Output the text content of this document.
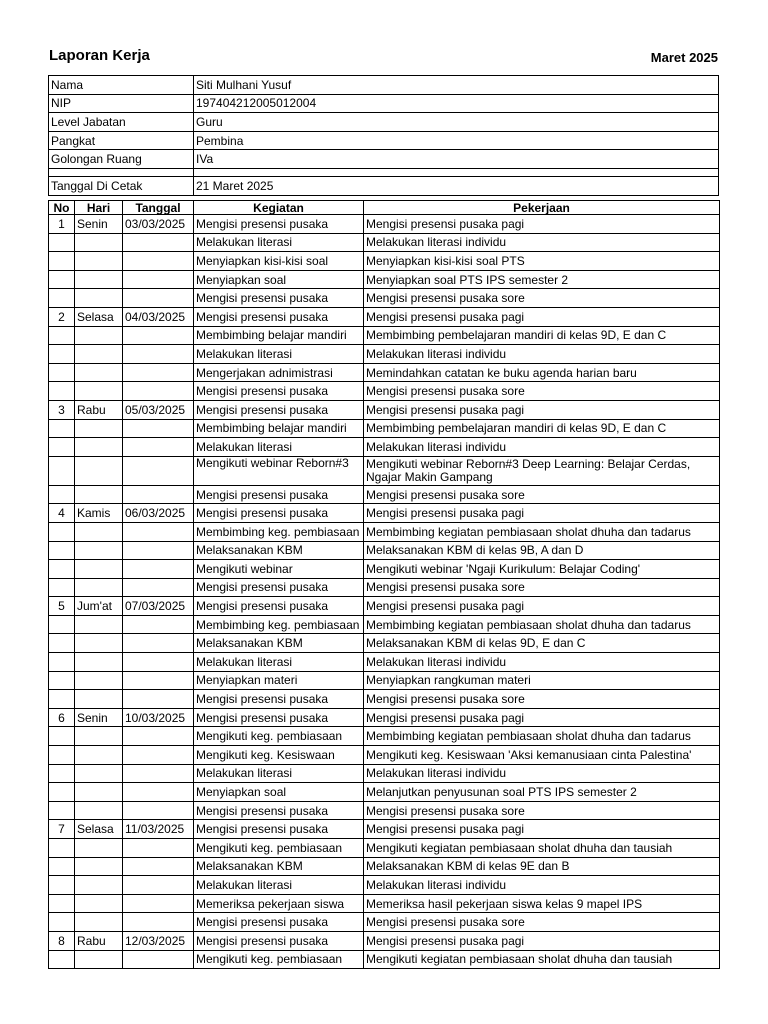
Laporan Kerja	Maret 2025
Nama	Siti Mulhani Yusuf
NIP	197404212005012004
Level Jabatan	Guru
Pangkat	Pembina
Golongan Ruang	IVa

Tanggal Di Cetak	21 Maret 2025
No	Hari	Tanggal	Kegiatan	Pekerjaan
1	Senin	03/03/2025	Mengisi presensi pusaka	Mengisi presensi pusaka pagi
			Melakukan literasi	Melakukan literasi individu
			Menyiapkan kisi-kisi soal	Menyiapkan kisi-kisi soal PTS
			Menyiapkan soal	Menyiapkan soal PTS IPS semester 2
			Mengisi presensi pusaka	Mengisi presensi pusaka sore
2	Selasa	04/03/2025	Mengisi presensi pusaka	Mengisi presensi pusaka pagi
			Membimbing belajar mandiri	Membimbing pembelajaran mandiri di kelas 9D, E dan C
			Melakukan literasi	Melakukan literasi individu
			Mengerjakan adnimistrasi	Memindahkan catatan ke buku agenda harian baru
			Mengisi presensi pusaka	Mengisi presensi pusaka sore
3	Rabu	05/03/2025	Mengisi presensi pusaka	Mengisi presensi pusaka pagi
			Membimbing belajar mandiri	Membimbing pembelajaran mandiri di kelas 9D, E dan C
			Melakukan literasi	Melakukan literasi individu
			Mengikuti webinar Reborn#3	Mengikuti webinar Reborn#3 Deep Learning: Belajar Cerdas, Ngajar Makin Gampang
			Mengisi presensi pusaka	Mengisi presensi pusaka sore
4	Kamis	06/03/2025	Mengisi presensi pusaka	Mengisi presensi pusaka pagi
			Membimbing keg. pembiasaan	Membimbing kegiatan pembiasaan sholat dhuha dan tadarus
			Melaksanakan KBM	Melaksanakan KBM di kelas 9B, A dan D
			Mengikuti webinar	Mengikuti webinar 'Ngaji Kurikulum: Belajar Coding'
			Mengisi presensi pusaka	Mengisi presensi pusaka sore
5	Jum'at	07/03/2025	Mengisi presensi pusaka	Mengisi presensi pusaka pagi
			Membimbing keg. pembiasaan	Membimbing kegiatan pembiasaan sholat dhuha dan tadarus
			Melaksanakan KBM	Melaksanakan KBM di kelas 9D, E dan C
			Melakukan literasi	Melakukan literasi individu
			Menyiapkan materi	Menyiapkan rangkuman materi
			Mengisi presensi pusaka	Mengisi presensi pusaka sore
6	Senin	10/03/2025	Mengisi presensi pusaka	Mengisi presensi pusaka pagi
			Mengikuti keg. pembiasaan	Membimbing kegiatan pembiasaan sholat dhuha dan tadarus
			Mengikuti keg. Kesiswaan	Mengikuti keg. Kesiswaan 'Aksi kemanusiaan cinta Palestina'
			Melakukan literasi	Melakukan literasi individu
			Menyiapkan soal	Melanjutkan penyusunan soal PTS IPS semester 2
			Mengisi presensi pusaka	Mengisi presensi pusaka sore
7	Selasa	11/03/2025	Mengisi presensi pusaka	Mengisi presensi pusaka pagi
			Mengikuti keg. pembiasaan	Mengikuti kegiatan pembiasaan sholat dhuha dan tausiah
			Melaksanakan KBM	Melaksanakan KBM di kelas 9E dan B
			Melakukan literasi	Melakukan literasi individu
			Memeriksa pekerjaan siswa	Memeriksa hasil pekerjaan siswa kelas 9 mapel IPS
			Mengisi presensi pusaka	Mengisi presensi pusaka sore
8	Rabu	12/03/2025	Mengisi presensi pusaka	Mengisi presensi pusaka pagi
			Mengikuti keg. pembiasaan	Mengikuti kegiatan pembiasaan sholat dhuha dan tausiah
